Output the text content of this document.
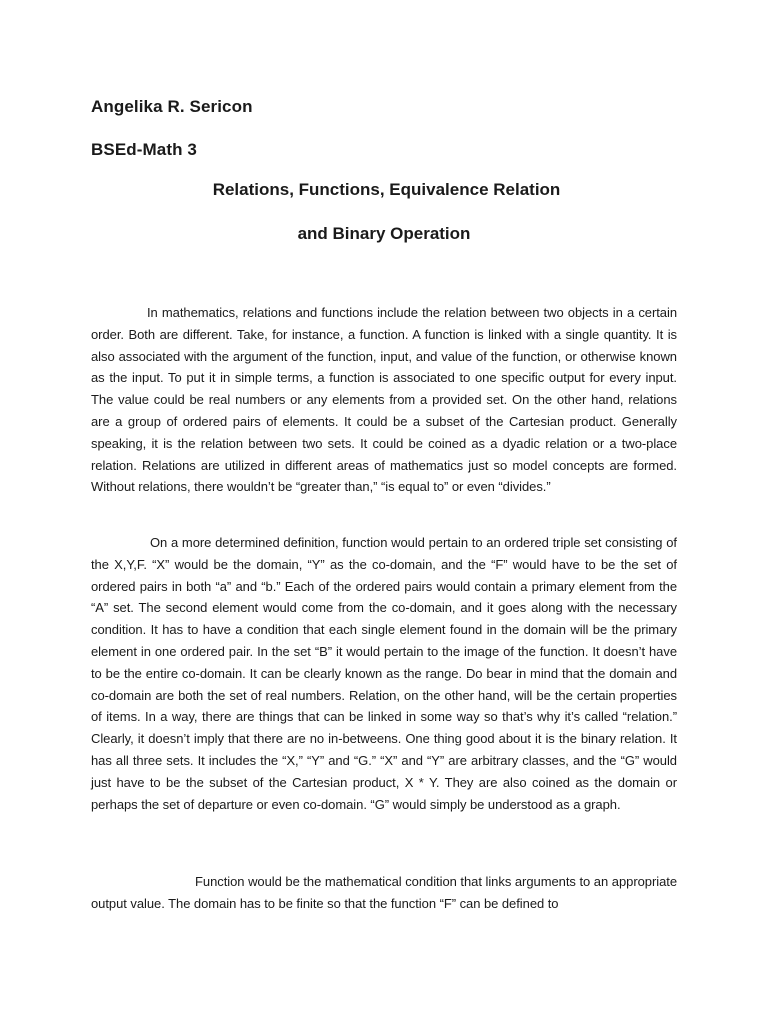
Angelika R. Sericon
BSEd-Math 3
Relations, Functions, Equivalence Relation
and Binary Operation

In mathematics, relations and functions include the relation between two objects in a certain order. Both are different. Take, for instance, a function. A function is linked with a single quantity. It is also associated with the argument of the function, input, and value of the function, or otherwise known as the input. To put it in simple terms, a function is associated to one specific output for every input. The value could be real numbers or any elements from a provided set. On the other hand, relations are a group of ordered pairs of elements. It could be a subset of the Cartesian product. Generally speaking, it is the relation between two sets. It could be coined as a dyadic relation or a two-place relation. Relations are utilized in different areas of mathematics just so model concepts are formed. Without relations, there wouldn’t be “greater than,” “is equal to” or even “divides.”

On a more determined definition, function would pertain to an ordered triple set consisting of the X,Y,F. “X” would be the domain, “Y” as the co-domain, and the “F” would have to be the set of ordered pairs in both “a” and “b.” Each of the ordered pairs would contain a primary element from the “A” set. The second element would come from the co-domain, and it goes along with the necessary condition. It has to have a condition that each single element found in the domain will be the primary element in one ordered pair. In the set “B” it would pertain to the image of the function. It doesn’t have to be the entire co-domain. It can be clearly known as the range. Do bear in mind that the domain and co-domain are both the set of real numbers. Relation, on the other hand, will be the certain properties of items. In a way, there are things that can be linked in some way so that’s why it’s called “relation.” Clearly, it doesn’t imply that there are no in-betweens. One thing good about it is the binary relation. It has all three sets. It includes the “X,” “Y” and “G.” “X” and “Y” are arbitrary classes, and the “G” would just have to be the subset of the Cartesian product, X * Y. They are also coined as the domain or perhaps the set of departure or even co-domain. “G” would simply be understood as a graph.

Function would be the mathematical condition that links arguments to an appropriate output value. The domain has to be finite so that the function “F” can be defined to
